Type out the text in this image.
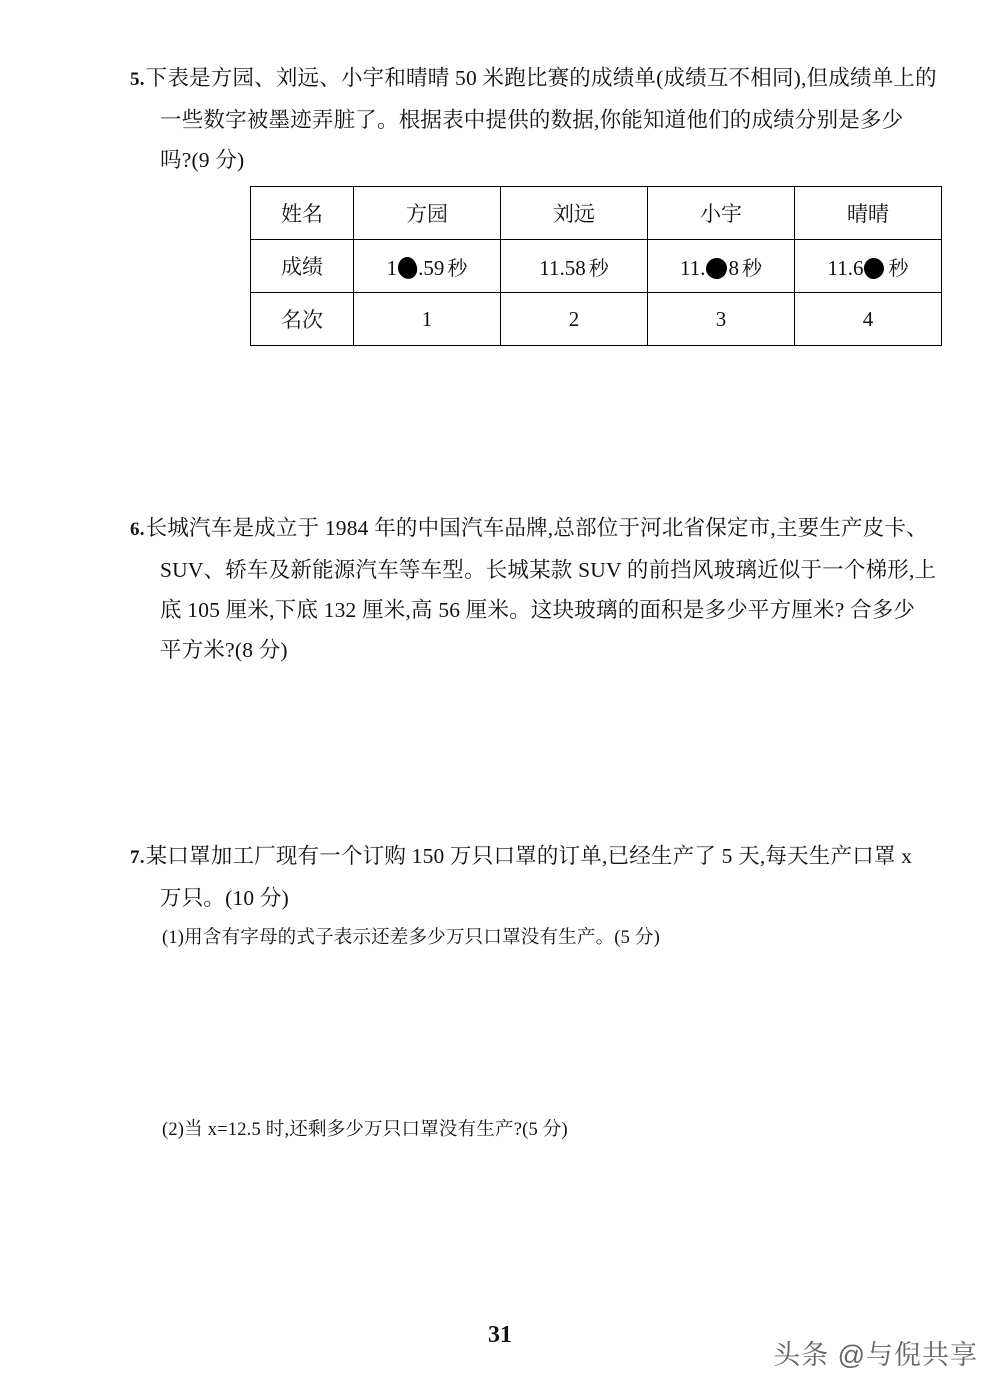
5.下表是方园、刘远、小宇和晴晴 50 米跑比赛的成绩单(成绩互不相同),但成绩单上的
一些数字被墨迹弄脏了。根据表中提供的数据,你能知道他们的成绩分别是多少
吗?(9 分)
姓名	方园	刘远	小宇	晴晴
成绩	1 .59 秒	11.58 秒	11. 8 秒	11.6 秒
名次	1	2	3	4
6.长城汽车是成立于 1984 年的中国汽车品牌,总部位于河北省保定市,主要生产皮卡、
SUV、轿车及新能源汽车等车型。长城某款 SUV 的前挡风玻璃近似于一个梯形,上
底 105 厘米,下底 132 厘米,高 56 厘米。这块玻璃的面积是多少平方厘米? 合多少
平方米?(8 分)
7.某口罩加工厂现有一个订购 150 万只口罩的订单,已经生产了 5 天,每天生产口罩 x
万只。(10 分)
(1)用含有字母的式子表示还差多少万只口罩没有生产。(5 分)
(2)当 x=12.5 时,还剩多少万只口罩没有生产?(5 分)
31
头条 @与倪共享
